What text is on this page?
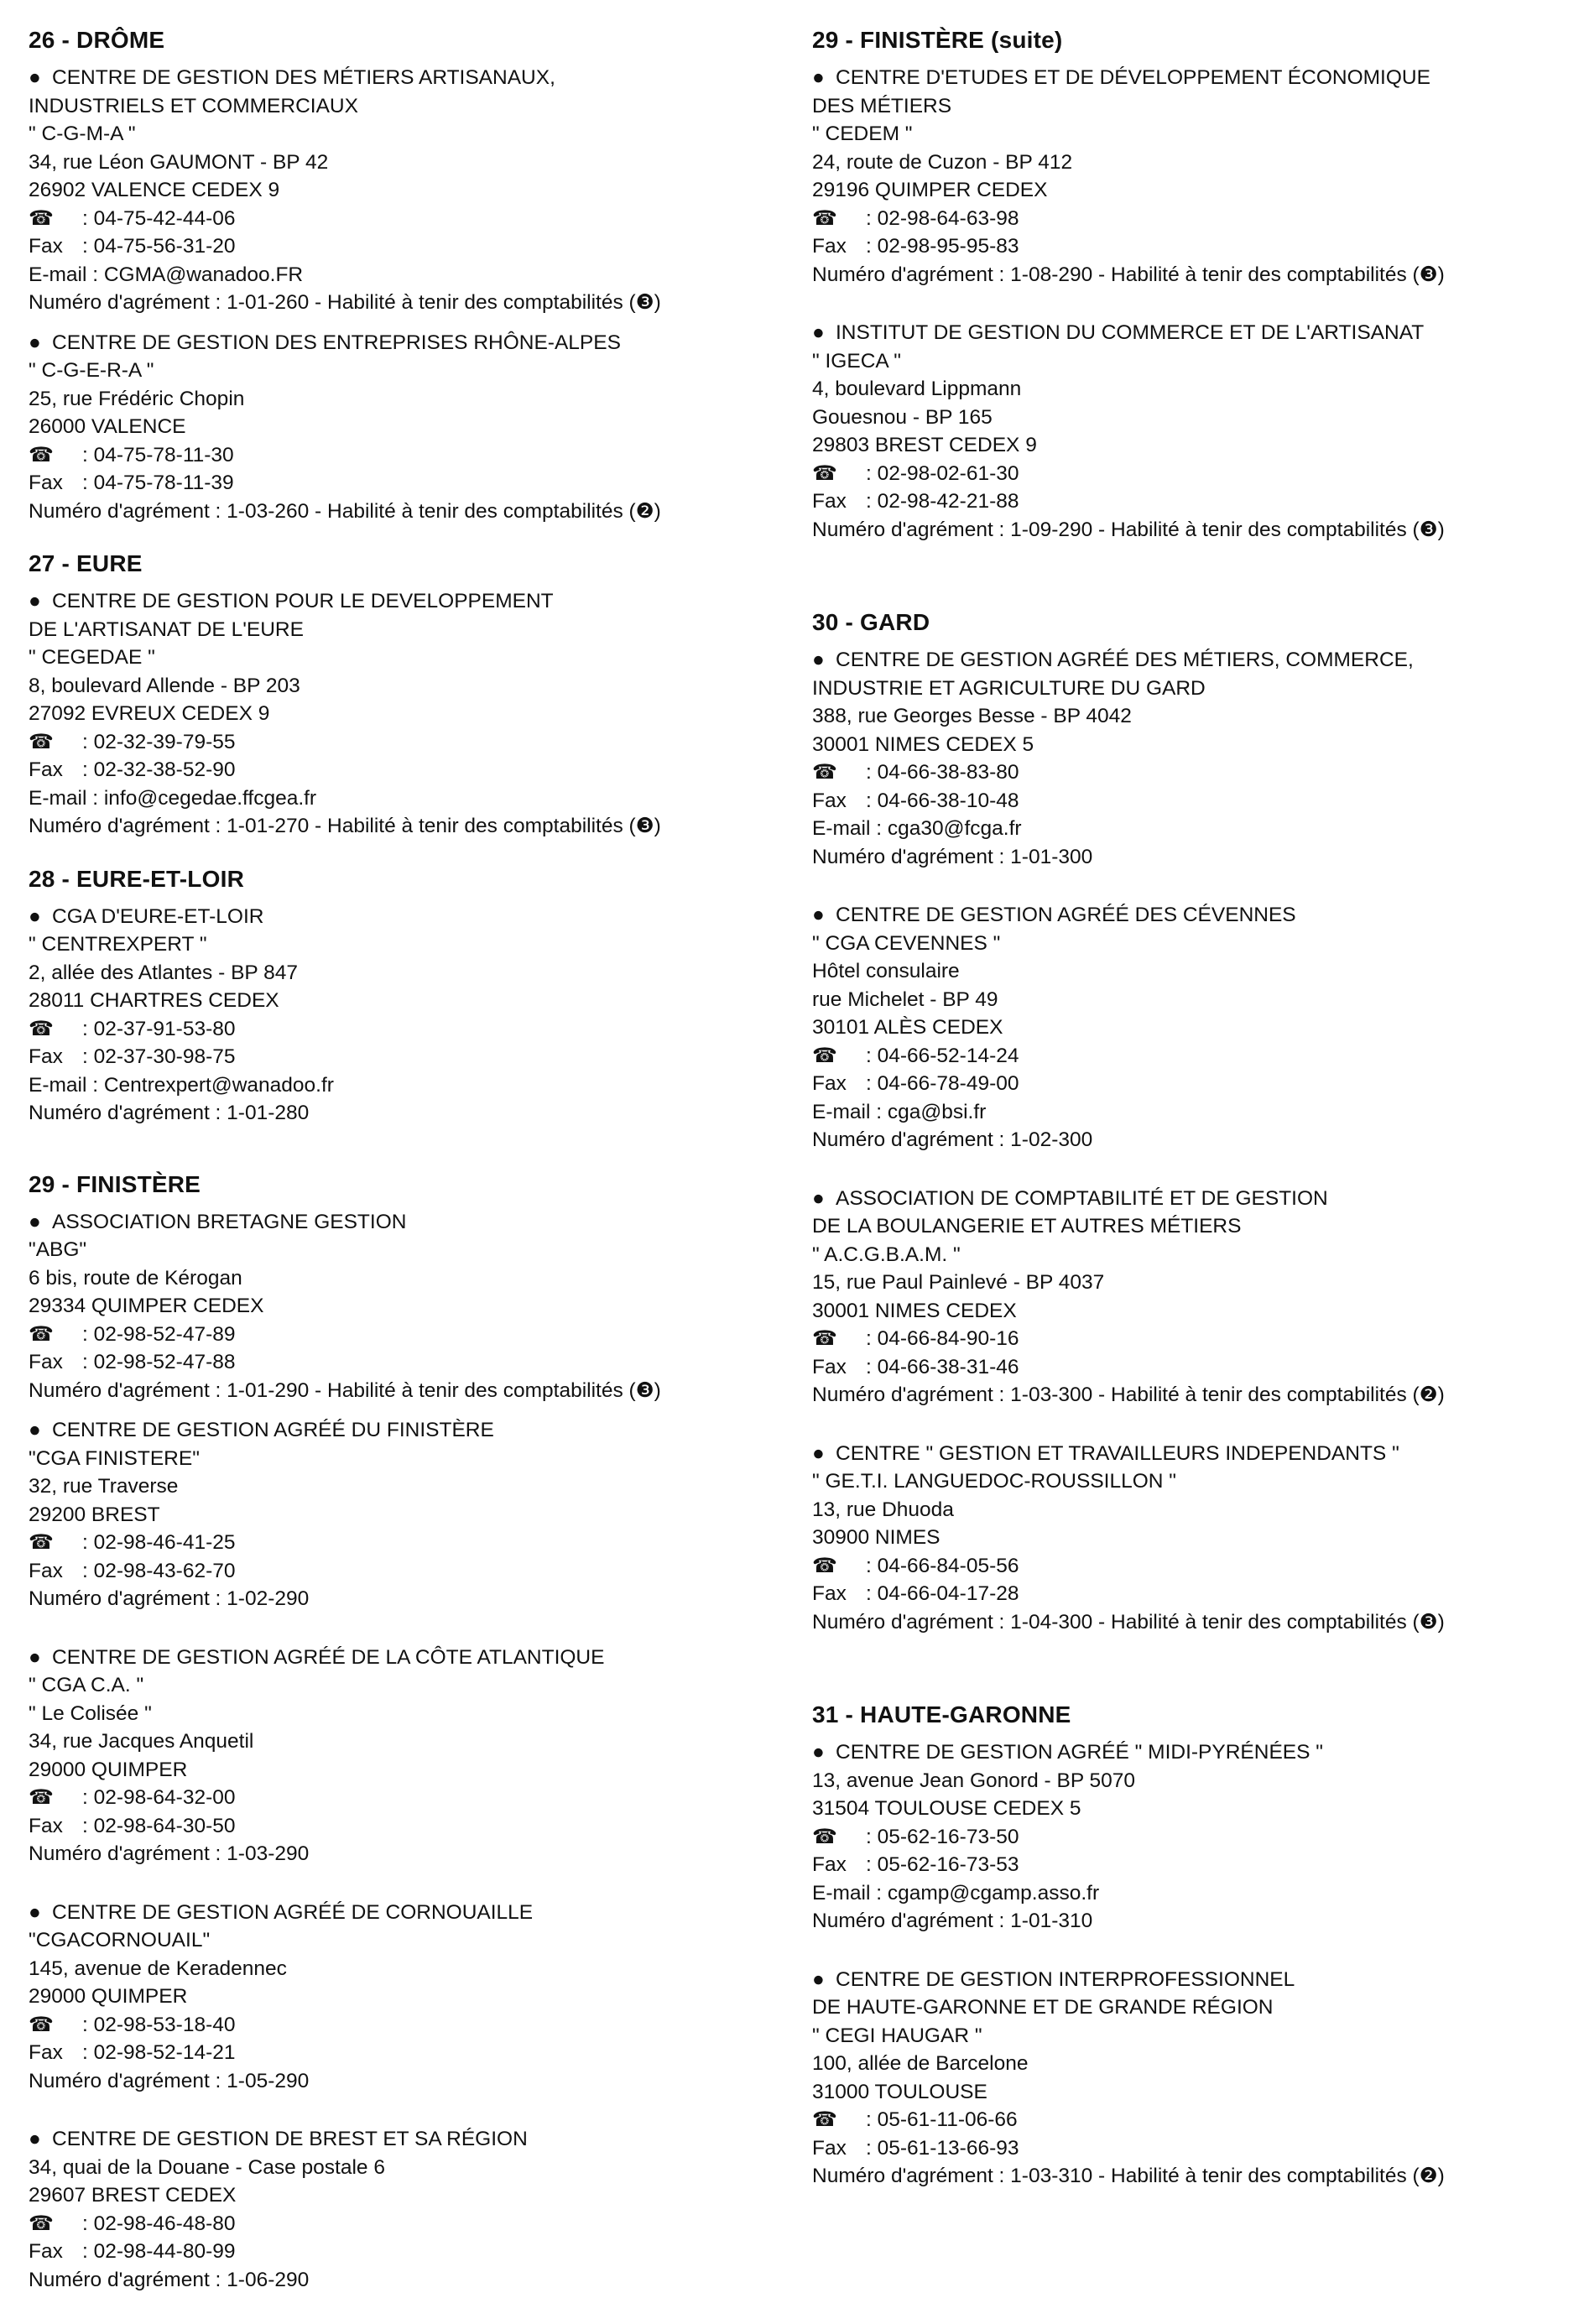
26 - DRÔME
● CENTRE DE GESTION DES MÉTIERS ARTISANAUX,
INDUSTRIELS ET COMMERCIAUX
" C-G-M-A "
34, rue Léon GAUMONT - BP 42
26902 VALENCE CEDEX 9
☎ : 04-75-42-44-06
Fax : 04-75-56-31-20
E-mail : CGMA@wanadoo.FR
Numéro d'agrément : 1-01-260 - Habilité à tenir des comptabilités (❸)
● CENTRE DE GESTION DES ENTREPRISES RHÔNE-ALPES
" C-G-E-R-A "
25, rue Frédéric Chopin
26000 VALENCE
☎ : 04-75-78-11-30
Fax : 04-75-78-11-39
Numéro d'agrément : 1-03-260 - Habilité à tenir des comptabilités (❷)
27 - EURE
● CENTRE DE GESTION POUR LE DEVELOPPEMENT
DE L'ARTISANAT DE L'EURE
" CEGEDAE "
8, boulevard Allende - BP 203
27092 EVREUX CEDEX 9
☎ : 02-32-39-79-55
Fax : 02-32-38-52-90
E-mail : info@cegedae.ffcgea.fr
Numéro d'agrément : 1-01-270 - Habilité à tenir des comptabilités (❸)
28 - EURE-ET-LOIR
● CGA D'EURE-ET-LOIR
" CENTREXPERT "
2, allée des Atlantes - BP 847
28011 CHARTRES CEDEX
☎ : 02-37-91-53-80
Fax : 02-37-30-98-75
E-mail : Centrexpert@wanadoo.fr
Numéro d'agrément : 1-01-280
29 - FINISTÈRE
● ASSOCIATION BRETAGNE GESTION
"ABG"
6 bis, route de Kérogan
29334 QUIMPER CEDEX
☎ : 02-98-52-47-89
Fax : 02-98-52-47-88
Numéro d'agrément : 1-01-290 - Habilité à tenir des comptabilités (❸)
● CENTRE DE GESTION AGRÉÉ DU FINISTÈRE
"CGA FINISTERE"
32, rue Traverse
29200 BREST
☎ : 02-98-46-41-25
Fax : 02-98-43-62-70
Numéro d'agrément : 1-02-290
● CENTRE DE GESTION AGRÉÉ DE LA CÔTE ATLANTIQUE
" CGA C.A. "
" Le Colisée "
34, rue Jacques Anquetil
29000 QUIMPER
☎ : 02-98-64-32-00
Fax : 02-98-64-30-50
Numéro d'agrément : 1-03-290
● CENTRE DE GESTION AGRÉÉ DE CORNOUAILLE
"CGACORNOUAIL"
145, avenue de Keradennec
29000 QUIMPER
☎ : 02-98-53-18-40
Fax : 02-98-52-14-21
Numéro d'agrément : 1-05-290
● CENTRE DE GESTION DE BREST ET SA RÉGION
34, quai de la Douane - Case postale 6
29607 BREST CEDEX
☎ : 02-98-46-48-80
Fax : 02-98-44-80-99
Numéro d'agrément : 1-06-290
29 - FINISTÈRE (suite)
● CENTRE D'ETUDES ET DE DÉVELOPPEMENT ÉCONOMIQUE
DES MÉTIERS
" CEDEM "
24, route de Cuzon - BP 412
29196 QUIMPER CEDEX
☎ : 02-98-64-63-98
Fax : 02-98-95-95-83
Numéro d'agrément : 1-08-290 - Habilité à tenir des comptabilités (❸)
● INSTITUT DE GESTION DU COMMERCE ET DE L'ARTISANAT
" IGECA "
4, boulevard Lippmann
Gouesnou - BP 165
29803 BREST CEDEX 9
☎ : 02-98-02-61-30
Fax : 02-98-42-21-88
Numéro d'agrément : 1-09-290 - Habilité à tenir des comptabilités (❸)
30 - GARD
● CENTRE DE GESTION AGRÉÉ DES MÉTIERS, COMMERCE,
INDUSTRIE ET AGRICULTURE DU GARD
388, rue Georges Besse - BP 4042
30001 NIMES CEDEX 5
☎ : 04-66-38-83-80
Fax : 04-66-38-10-48
E-mail : cga30@fcga.fr
Numéro d'agrément : 1-01-300
● CENTRE DE GESTION AGRÉÉ DES CÉVENNES
" CGA CEVENNES "
Hôtel consulaire
rue Michelet - BP 49
30101 ALÈS CEDEX
☎ : 04-66-52-14-24
Fax : 04-66-78-49-00
E-mail : cga@bsi.fr
Numéro d'agrément : 1-02-300
● ASSOCIATION DE COMPTABILITÉ ET DE GESTION
DE LA BOULANGERIE ET AUTRES MÉTIERS
" A.C.G.B.A.M. "
15, rue Paul Painlevé - BP 4037
30001 NIMES CEDEX
☎ : 04-66-84-90-16
Fax : 04-66-38-31-46
Numéro d'agrément : 1-03-300 - Habilité à tenir des comptabilités (❷)
● CENTRE " GESTION ET TRAVAILLEURS INDEPENDANTS "
" GE.T.I. LANGUEDOC-ROUSSILLON "
13, rue Dhuoda
30900 NIMES
☎ : 04-66-84-05-56
Fax : 04-66-04-17-28
Numéro d'agrément : 1-04-300 - Habilité à tenir des comptabilités (❸)
31 - HAUTE-GARONNE
● CENTRE DE GESTION AGRÉÉ " MIDI-PYRÉNÉES "
13, avenue Jean Gonord - BP 5070
31504 TOULOUSE CEDEX 5
☎ : 05-62-16-73-50
Fax : 05-62-16-73-53
E-mail : cgamp@cgamp.asso.fr
Numéro d'agrément : 1-01-310
● CENTRE DE GESTION INTERPROFESSIONNEL
DE HAUTE-GARONNE ET DE GRANDE RÉGION
" CEGI HAUGAR "
100, allée de Barcelone
31000 TOULOUSE
☎ : 05-61-11-06-66
Fax : 05-61-13-66-93
Numéro d'agrément : 1-03-310 - Habilité à tenir des comptabilités (❷)
